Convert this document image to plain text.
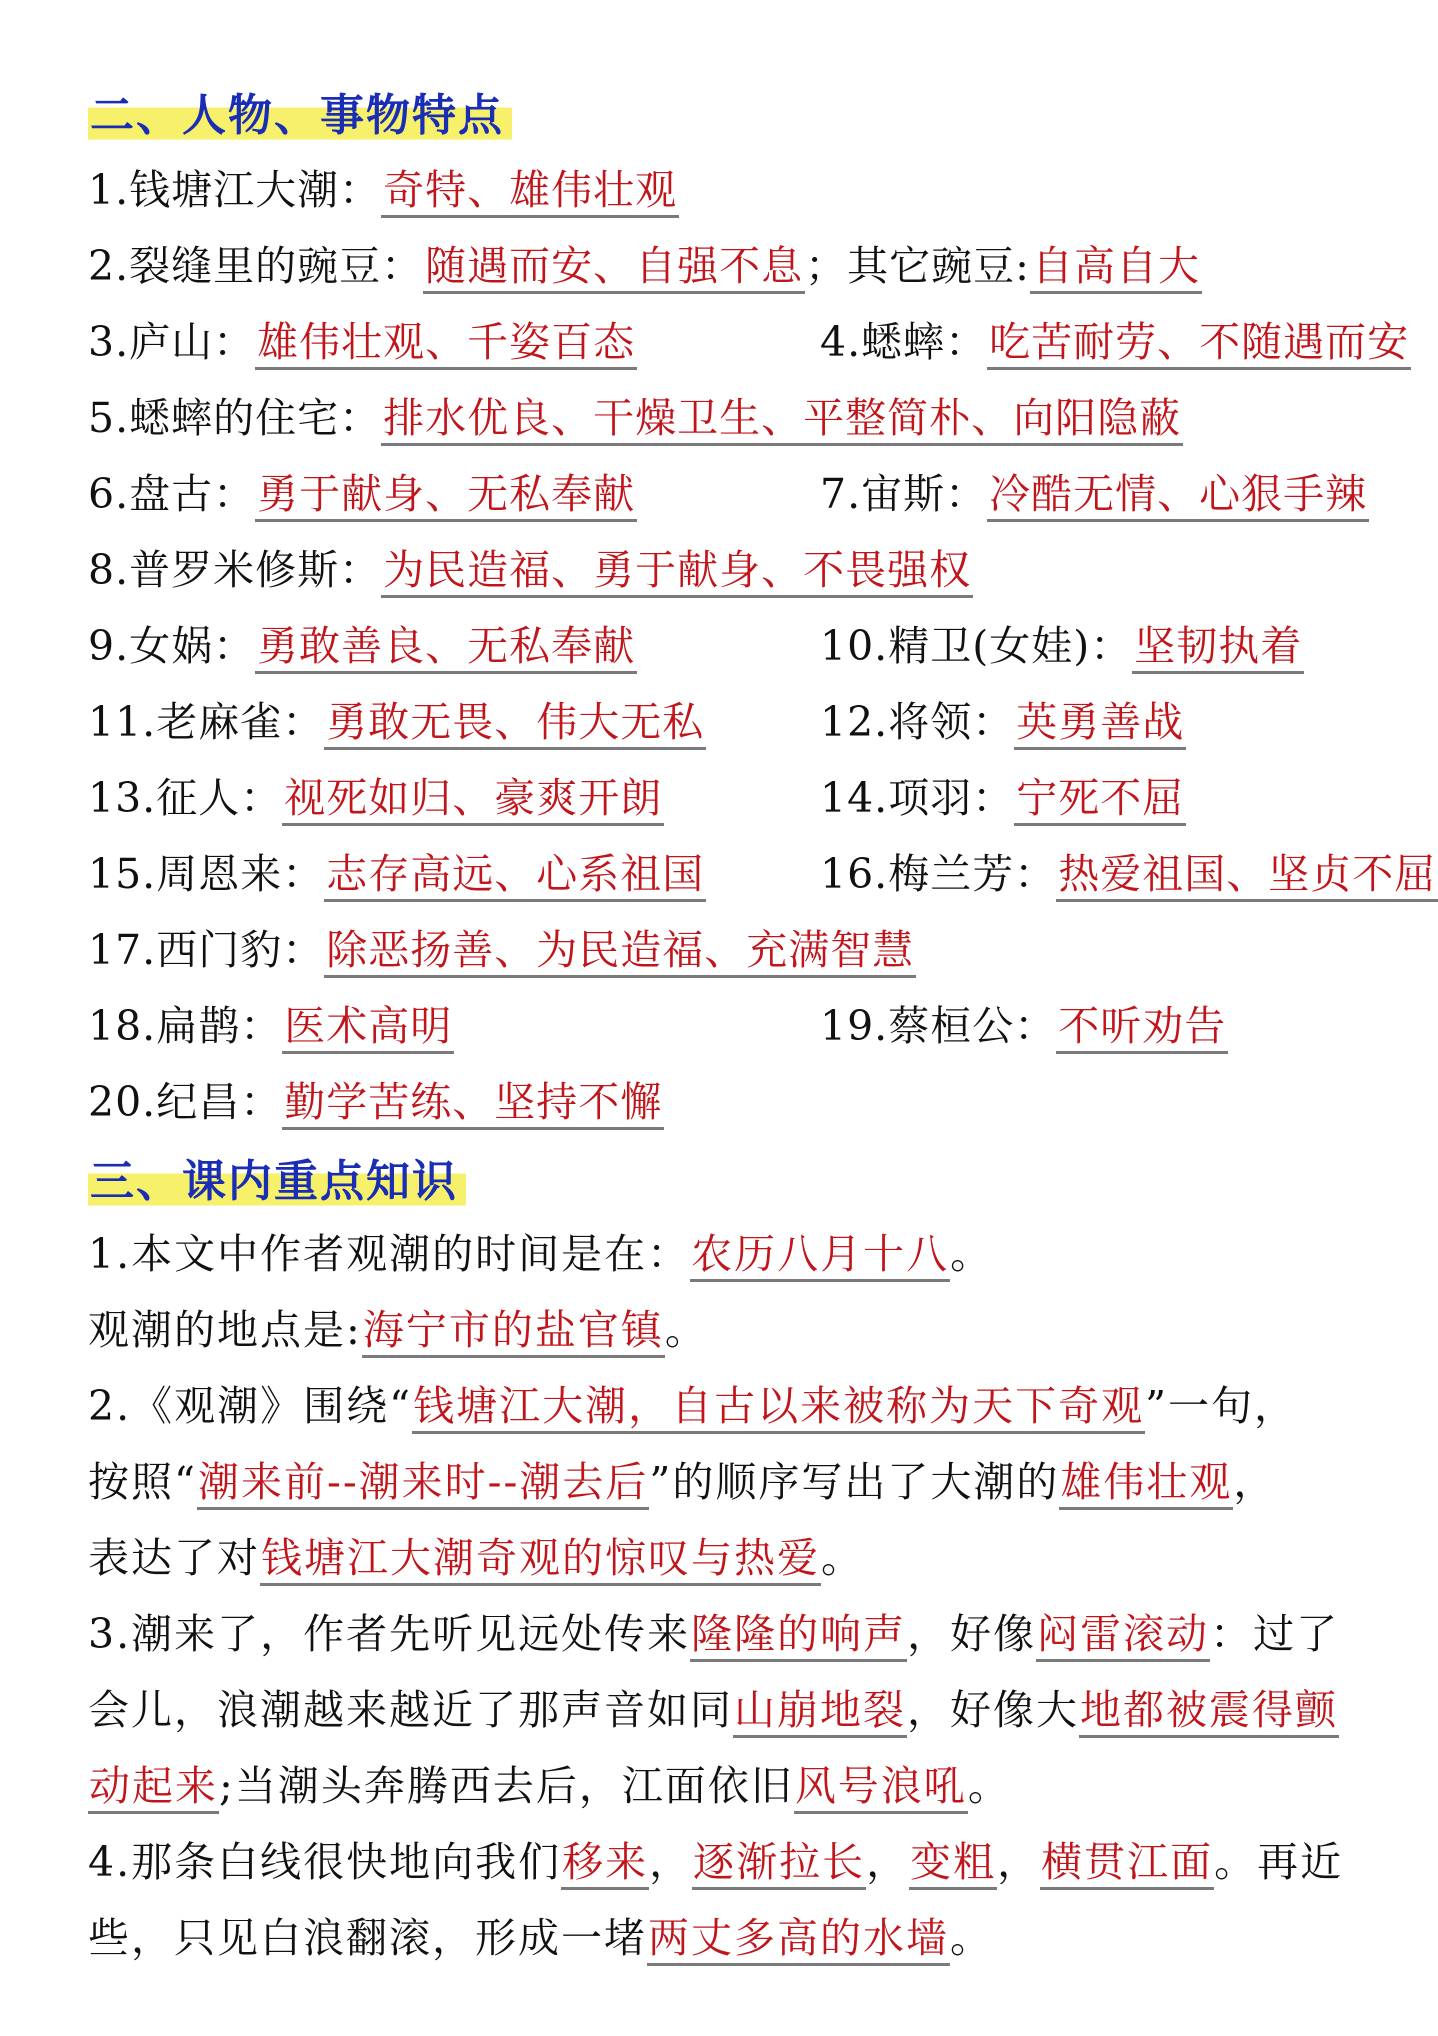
二、人物、事物特点
1.钱塘江大潮：奇特、雄伟壮观
2.裂缝里的豌豆：随遇而安、自强不息；其它豌豆:自高自大
3.庐山：雄伟壮观、千姿百态	4.蟋蟀：吃苦耐劳、不随遇而安
5.蟋蟀的住宅：排水优良、干燥卫生、平整简朴、向阳隐蔽
6.盘古：勇于献身、无私奉献	7.宙斯：冷酷无情、心狠手辣
8.普罗米修斯：为民造福、勇于献身、不畏强权
9.女娲：勇敢善良、无私奉献	10.精卫(女娃)：坚韧执着
11.老麻雀：勇敢无畏、伟大无私	12.将领：英勇善战
13.征人：视死如归、豪爽开朗	14.项羽：宁死不屈
15.周恩来：志存高远、心系祖国	16.梅兰芳：热爱祖国、坚贞不屈
17.西门豹：除恶扬善、为民造福、充满智慧
18.扁鹊：医术高明	19.蔡桓公：不听劝告
20.纪昌：勤学苦练、坚持不懈
三、课内重点知识
1.本文中作者观潮的时间是在：农历八月十八。
观潮的地点是:海宁市的盐官镇。
2.《观潮》围绕“钱塘江大潮，自古以来被称为天下奇观”一句，
按照“潮来前--潮来时--潮去后”的顺序写出了大潮的雄伟壮观，
表达了对钱塘江大潮奇观的惊叹与热爱。
3.潮来了，作者先听见远处传来隆隆的响声，好像闷雷滚动：过了
会儿，浪潮越来越近了那声音如同山崩地裂，好像大地都被震得颤
动起来;当潮头奔腾西去后，江面依旧风号浪吼。
4.那条白线很快地向我们移来，逐渐拉长，变粗，横贯江面。再近
些，只见白浪翻滚，形成一堵两丈多高的水墙。
